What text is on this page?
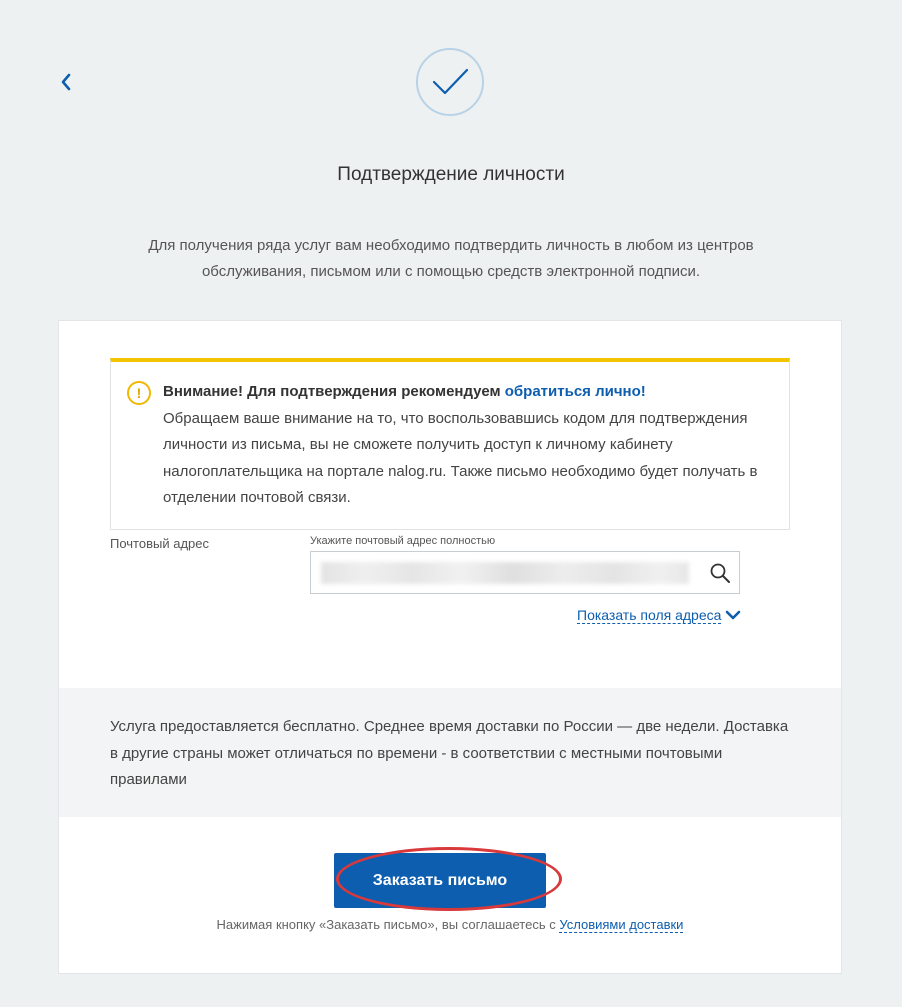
Подтверждение личности

Для получения ряда услуг вам необходимо подтвердить личность в любом из центров обслуживания, письмом или с помощью средств электронной подписи.

!	Внимание! Для подтверждения рекомендуем обратиться лично!
Обращаем ваше внимание на то, что воспользовавшись кодом для подтверждения личности из письма, вы не сможете получить доступ к личному кабинету налогоплательщика на портале nalog.ru. Также письмо необходимо будет получать в отделении почтовой связи.
Почтовый адрес	Укажите почтовый адрес полностью
Показать поля адреса

Услуга предоставляется бесплатно. Среднее время доставки по России — две недели. Доставка в другие страны может отличаться по времени - в соответствии с местными почтовыми правилами

Заказать письмо

Нажимая кнопку «Заказать письмо», вы соглашаетесь с Условиями доставки
